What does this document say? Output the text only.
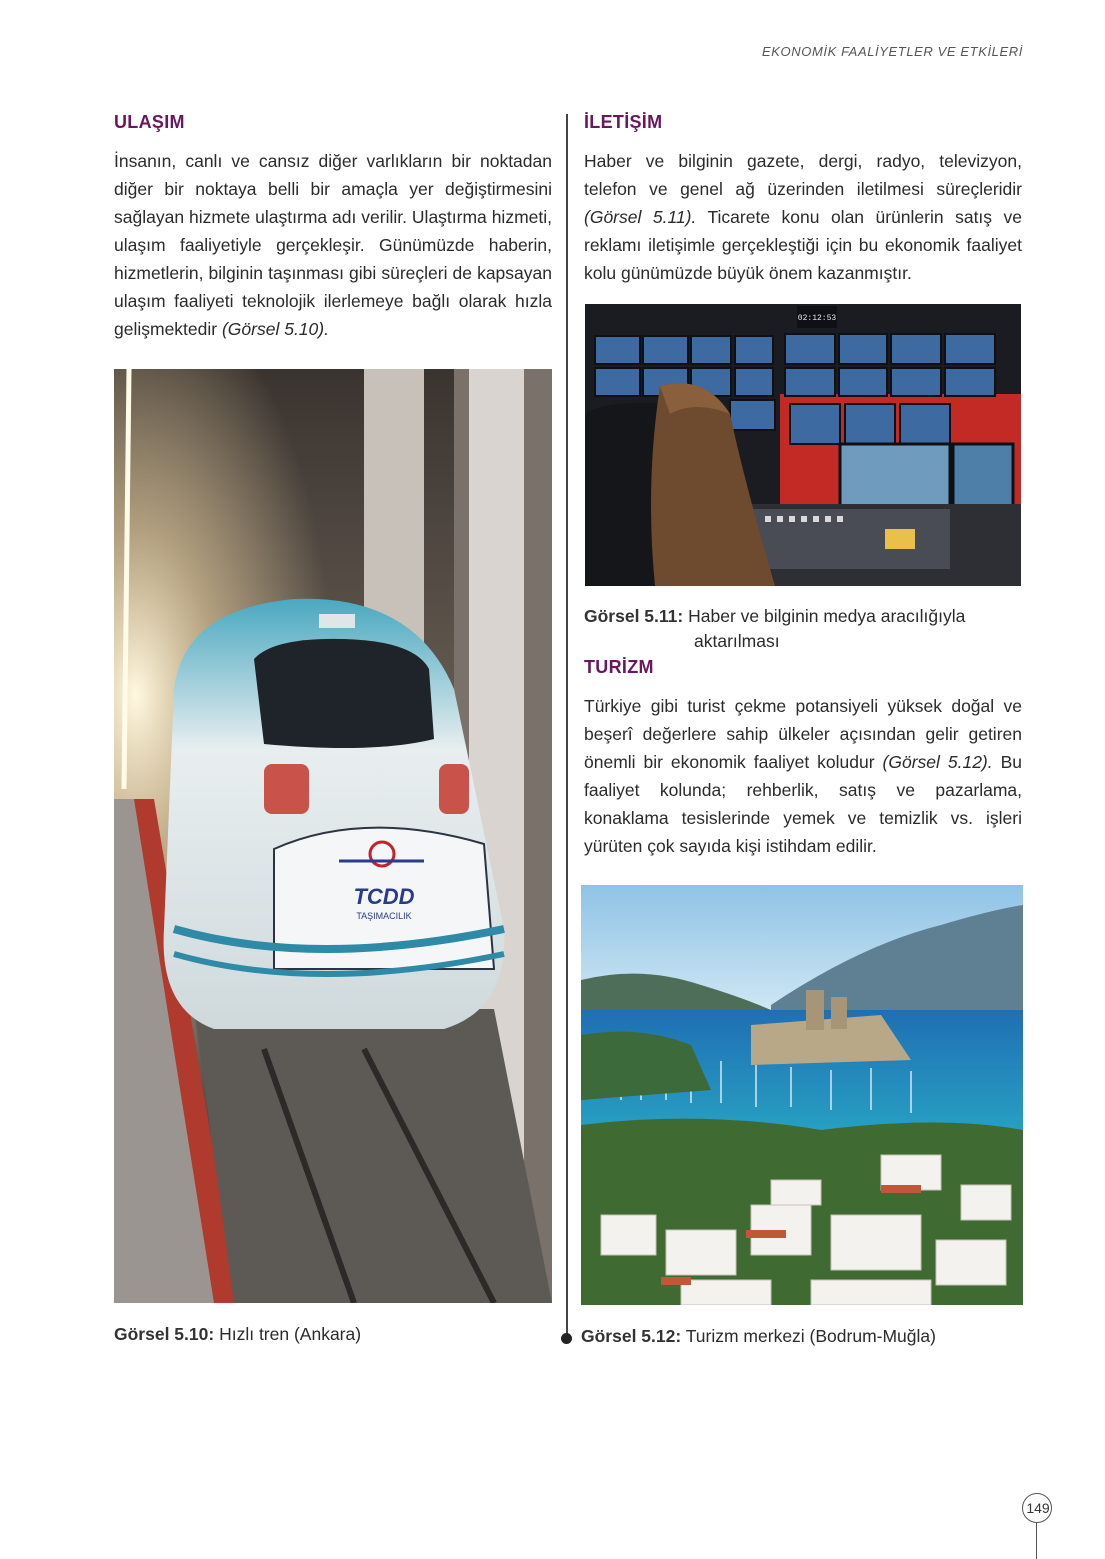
EKONOMİK FAALİYETLER VE ETKİLERİ
ULAŞIM

İnsanın, canlı ve cansız diğer varlıkların bir noktadan diğer bir noktaya belli bir amaçla yer değiştirmesini sağlayan hizmete ulaştırma adı verilir. Ulaştırma hizmeti, ulaşım faaliyetiyle gerçekleşir. Günümüzde haberin, hizmetlerin, bilginin taşınması gibi süreçleri de kapsayan ulaşım faaliyeti teknolojik ilerlemeye bağlı olarak hızla gelişmektedir (Görsel 5.10).

TCDD
TAŞIMACILIK
Görsel 5.10: Hızlı tren (Ankara)
İLETİŞİM

Haber ve bilginin gazete, dergi, radyo, televizyon, telefon ve genel ağ üzerinden iletilmesi süreçleridir (Görsel 5.11). Ticarete konu olan ürünlerin satış ve reklamı iletişimle gerçekleştiği için bu ekonomik faaliyet kolu günümüzde büyük önem kazanmıştır.

02:12:53
Görsel 5.11: Haber ve bilginin medya aracılığıyla
aktarılması
TURİZM

Türkiye gibi turist çekme potansiyeli yüksek doğal ve beşerî değerlere sahip ülkeler açısından gelir getiren önemli bir ekonomik faaliyet koludur (Görsel 5.12). Bu faaliyet kolunda; rehberlik, satış ve pazarlama, konaklama tesislerinde yemek ve temizlik vs. işleri yürüten çok sayıda kişi istihdam edilir.

Görsel 5.12: Turizm merkezi (Bodrum-Muğla)
149
